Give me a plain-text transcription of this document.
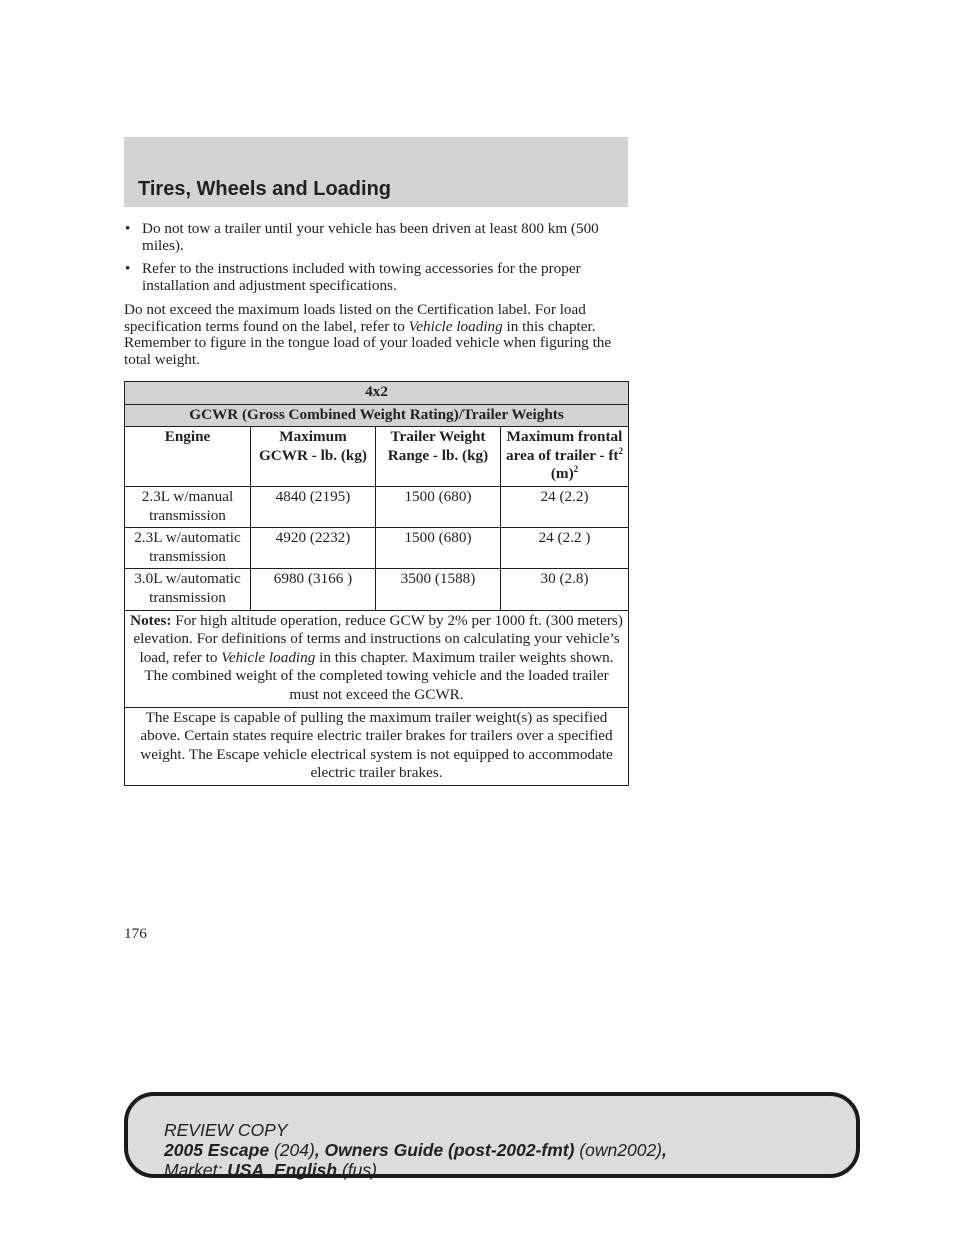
Tires, Wheels and Loading
• Do not tow a trailer until your vehicle has been driven at least 800 km (500 miles).
• Refer to the instructions included with towing accessories for the proper installation and adjustment specifications.

Do not exceed the maximum loads listed on the Certification label. For load specification terms found on the label, refer to Vehicle loading in this chapter. Remember to figure in the tongue load of your loaded vehicle when figuring the total weight.

4x2			
GCWR (Gross Combined Weight Rating)/Trailer Weights			
Engine	Maximum GCWR - lb. (kg)	Trailer Weight Range - lb. (kg)	Maximum frontal area of trailer - $ft^2$ $(m)^2$
2.3L w/manual transmission	4840 (2195)	1500 (680)	24 (2.2)
2.3L w/automatic transmission	4920 (2232)	1500 (680)	24 (2.2 )
3.0L w/automatic transmission	6980 (3166 )	3500 (1588)	30 (2.8)
Notes: For high altitude operation, reduce GCW by 2% per 1000 ft. (300 meters) elevation. For definitions of terms and instructions on calculating your vehicle’s load, refer to Vehicle loading in this chapter. Maximum trailer weights shown. The combined weight of the completed towing vehicle and the loaded trailer must not exceed the GCWR.			
The Escape is capable of pulling the maximum trailer weight(s) as specified above. Certain states require electric trailer brakes for trailers over a specified weight. The Escape vehicle electrical system is not equipped to accommodate electric trailer brakes.			
176
REVIEW COPY
2005 Escape (204), Owners Guide (post-2002-fmt) (own2002),
Market: USA_English (fus)
